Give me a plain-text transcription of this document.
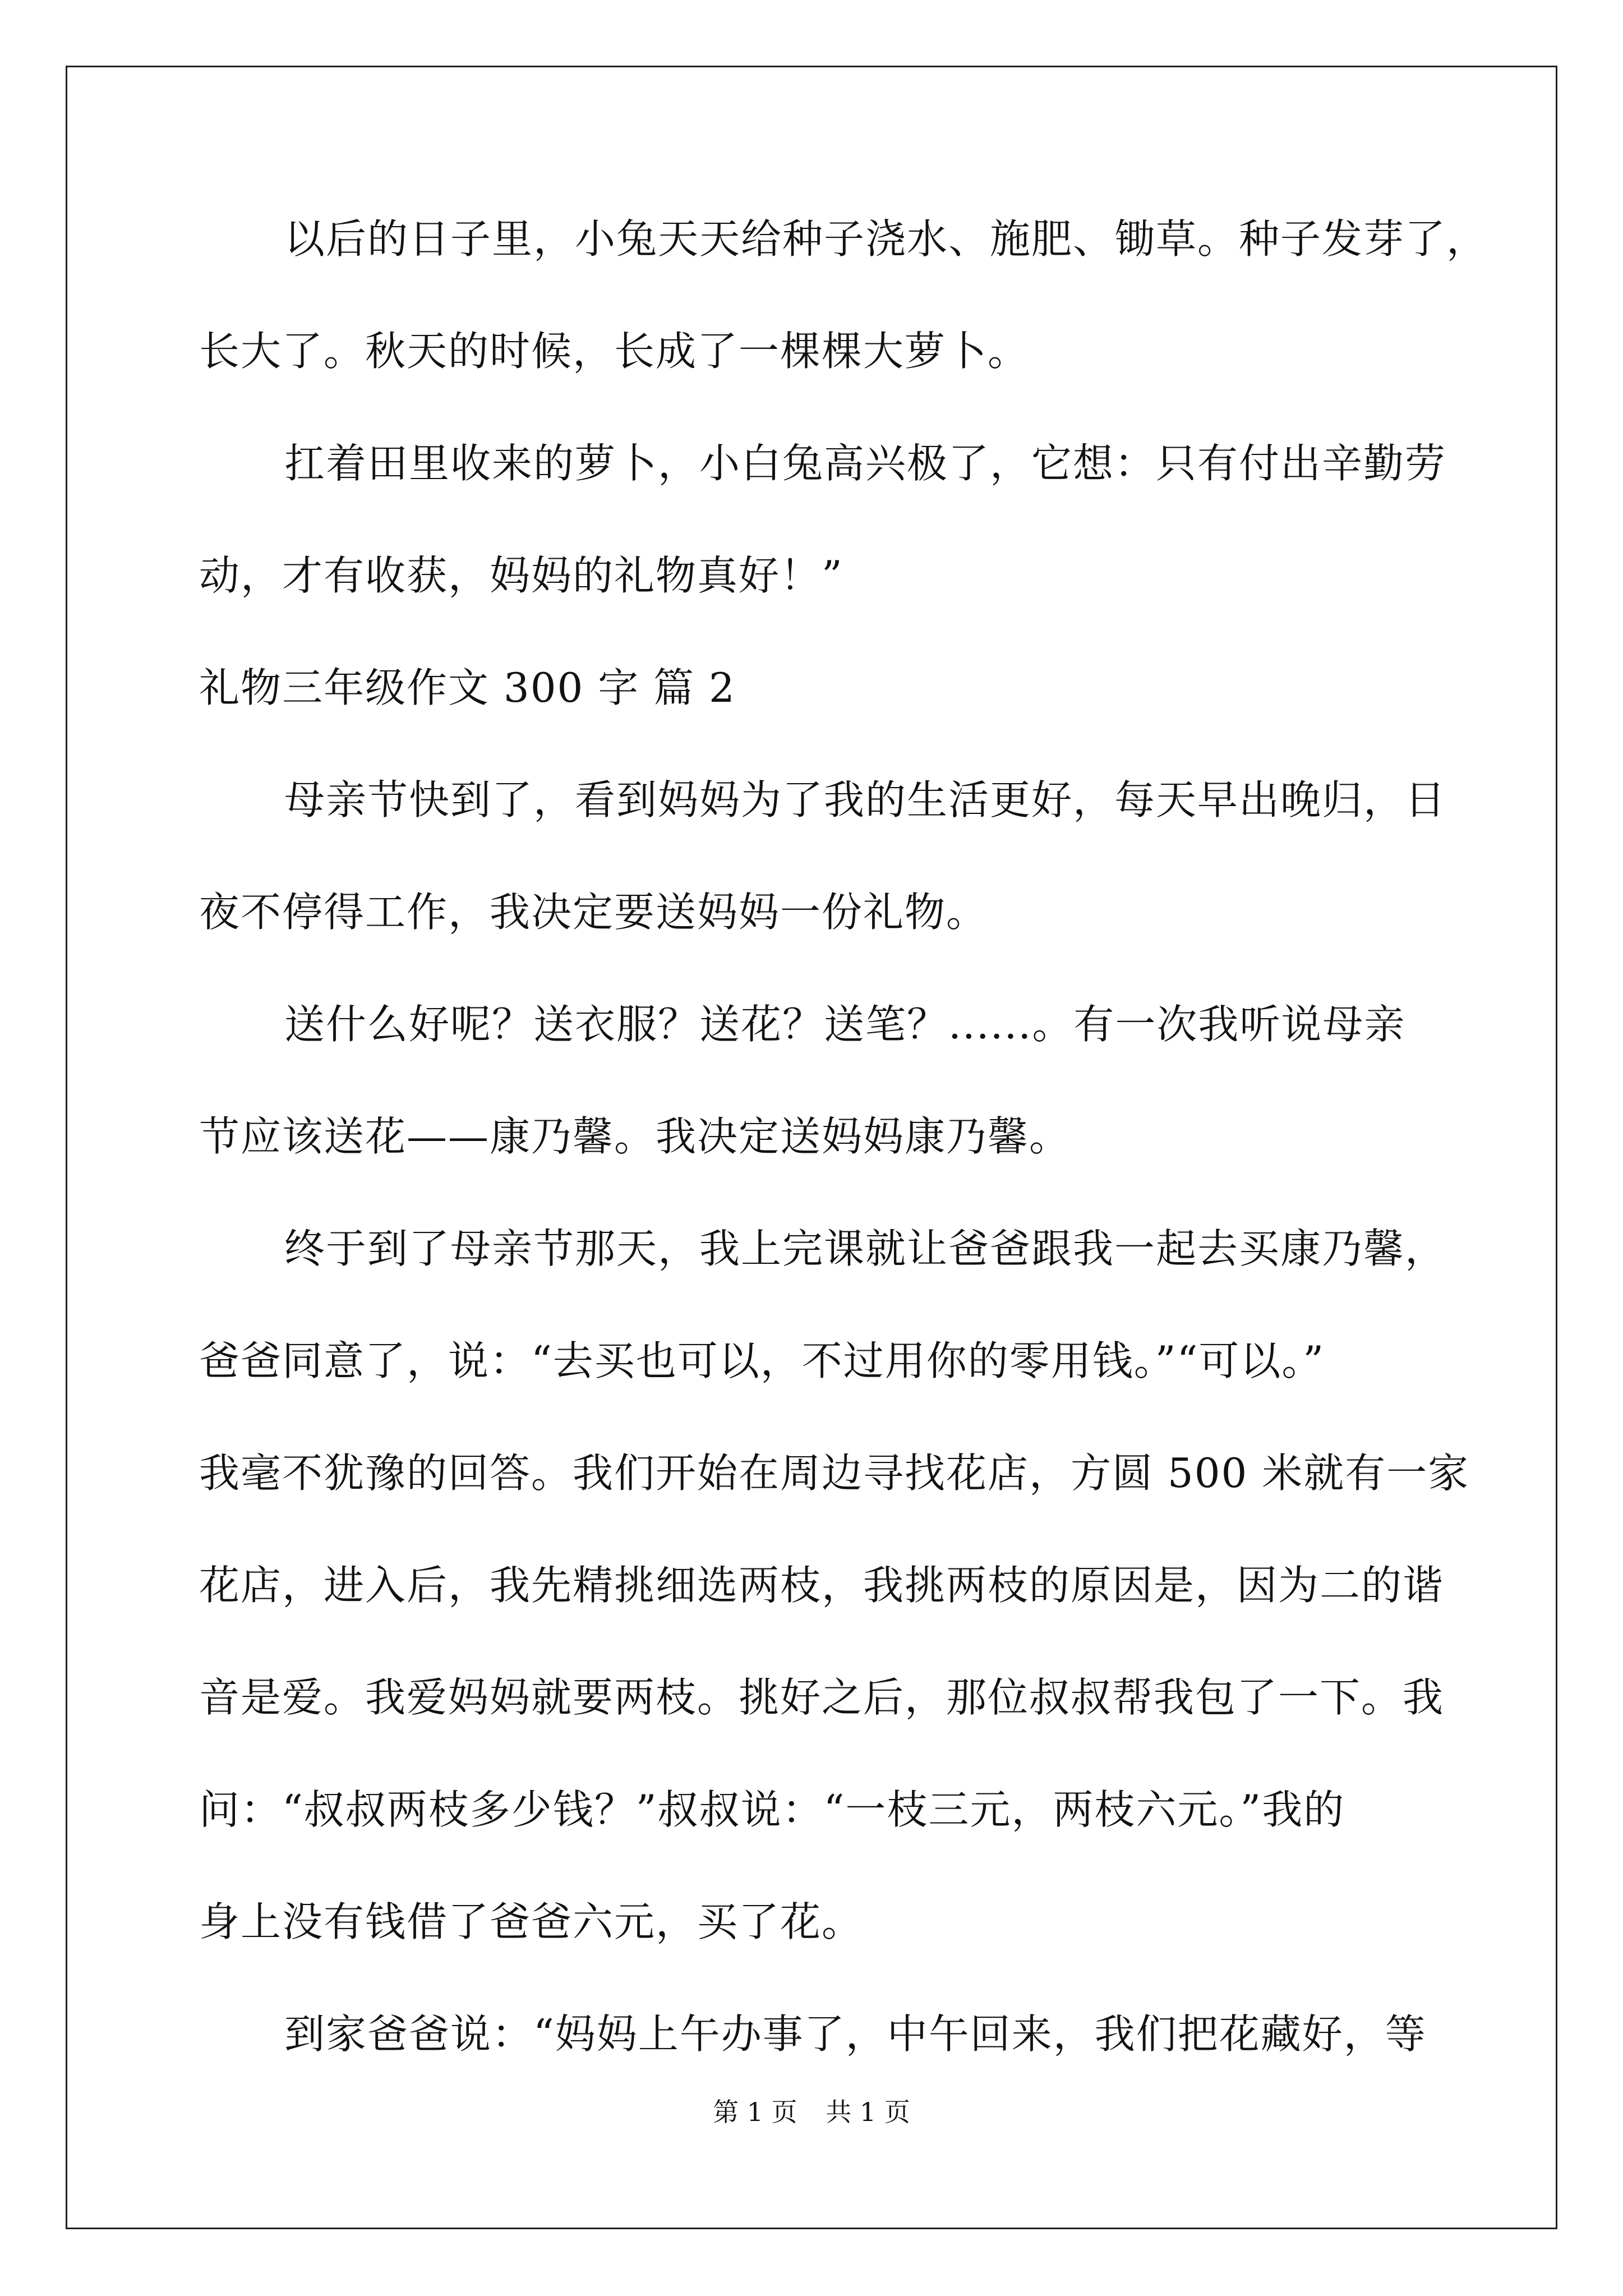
以后的日子里，小兔天天给种子浇水、施肥、锄草。种子发芽了，
长大了。秋天的时候，长成了一棵棵大萝卜。
扛着田里收来的萝卜，小白兔高兴极了，它想：只有付出辛勤劳
动，才有收获，妈妈的礼物真好！”
礼物三年级作文 300 字 篇 2
母亲节快到了，看到妈妈为了我的生活更好，每天早出晚归，日
夜不停得工作，我决定要送妈妈一份礼物。
送什么好呢？送衣服？送花？送笔？......。有一次我听说母亲
节应该送花——康乃馨。我决定送妈妈康乃馨。
终于到了母亲节那天，我上完课就让爸爸跟我一起去买康乃馨，
爸爸同意了，说：“去买也可以，不过用你的零用钱。”“可以。”
我毫不犹豫的回答。我们开始在周边寻找花店，方圆 500 米就有一家
花店，进入后，我先精挑细选两枝，我挑两枝的原因是，因为二的谐
音是爱。我爱妈妈就要两枝。挑好之后，那位叔叔帮我包了一下。我
问：“叔叔两枝多少钱？”叔叔说：“一枝三元，两枝六元。”我的
身上没有钱借了爸爸六元，买了花。
到家爸爸说：“妈妈上午办事了，中午回来，我们把花藏好，等
第 1 页 共 1 页
